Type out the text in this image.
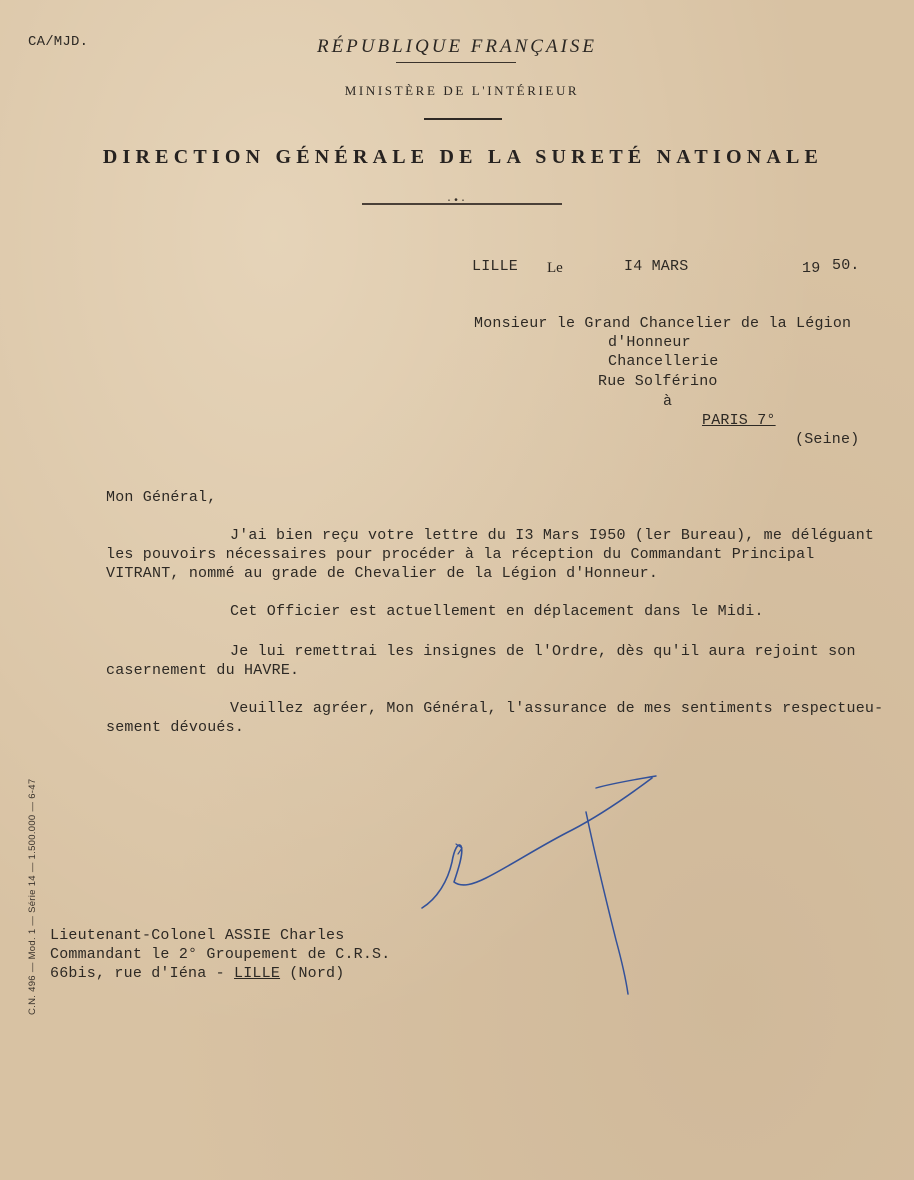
CA/MJD.	RÉPUBLIQUE FRANÇAISE
MINISTÈRE DE L'INTÉRIEUR
DIRECTION GÉNÉRALE DE LA SURETÉ NATIONALE
·•·
LILLE Le	I4 MARS	19 50.
Monsieur le Grand Chancelier de la Légion
d'Honneur
Chancellerie
Rue Solférino
à
PARIS 7°
(Seine)
Mon Général,
J'ai bien reçu votre lettre du I3 Mars I950 (ler Bureau), me déléguant
les pouvoirs nécessaires pour procéder à la réception du Commandant Principal
VITRANT, nommé au grade de Chevalier de la Légion d'Honneur.
Cet Officier est actuellement en déplacement dans le Midi.
Je lui remettrai les insignes de l'Ordre, dès qu'il aura rejoint son
casernement du HAVRE.
Veuillez agréer, Mon Général, l'assurance de mes sentiments respectueu-
sement dévoués.
Lieutenant-Colonel ASSIE Charles
Commandant le 2° Groupement de C.R.S.
66bis, rue d'Iéna - LILLE (Nord)
C.N. 496 — Mod. 1 — Série 14 — 1.500.000 — 6-47
